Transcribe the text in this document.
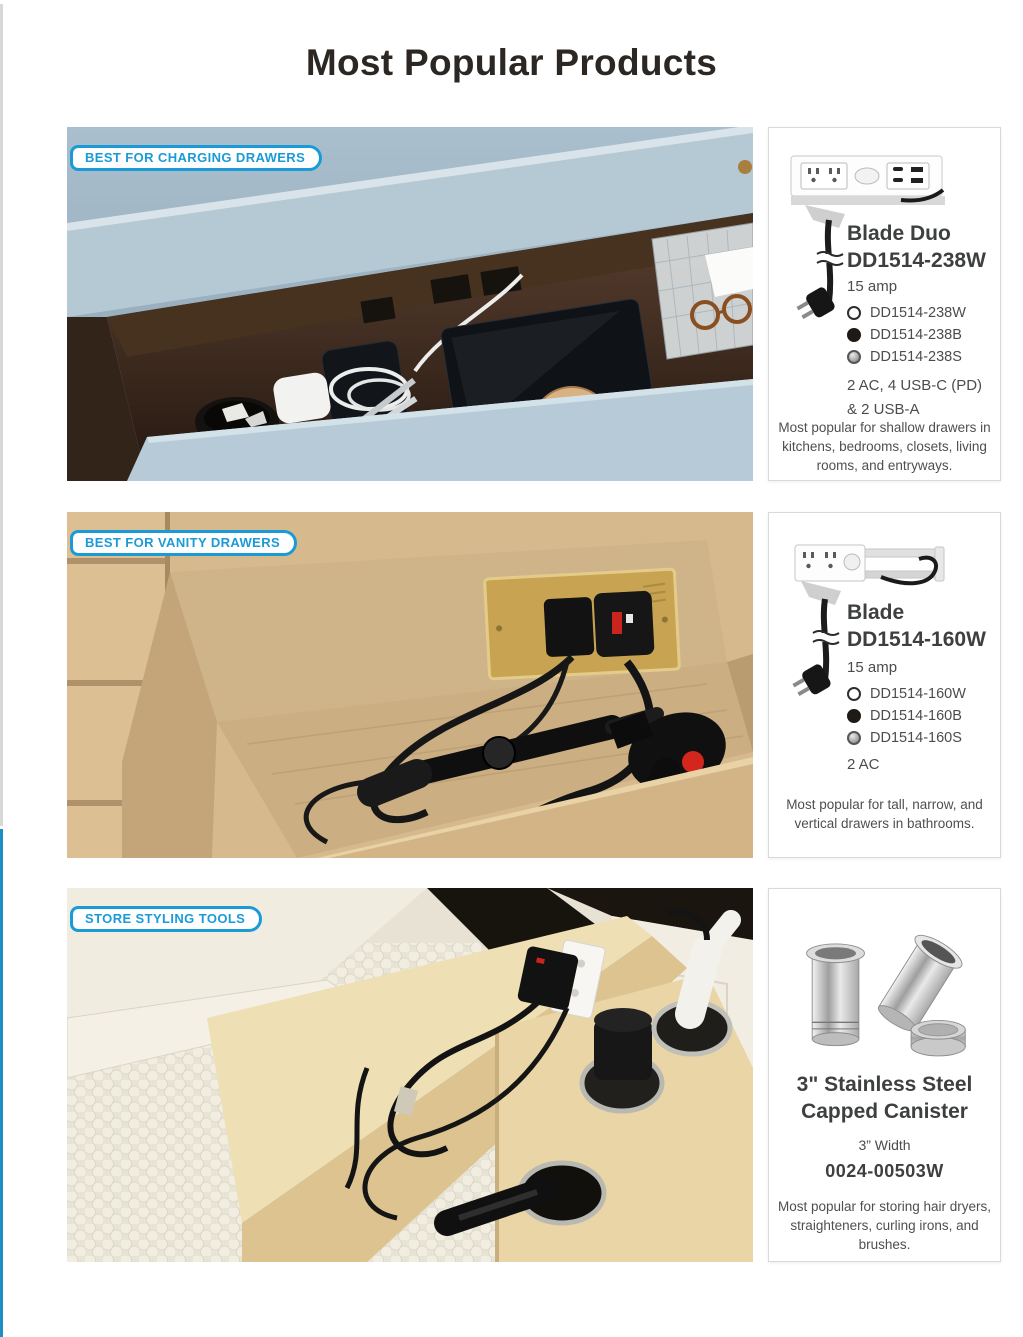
Most Popular Products
BEST FOR CHARGING DRAWERS
Blade Duo
DD1514-238W
15 amp
DD1514-238W
DD1514-238B
DD1514-238S
2 AC, 4 USB-C (PD)
& 2 USB-A
Most popular for shallow drawers in kitchens, bedrooms, closets, living rooms, and entryways.
BEST FOR VANITY DRAWERS
Blade
DD1514-160W
15 amp
DD1514-160W
DD1514-160B
DD1514-160S
2 AC
Most popular for tall, narrow, and vertical drawers in bathrooms.
STORE STYLING TOOLS
3" Stainless Steel
Capped Canister
3” Width
0024-00503W
Most popular for storing hair dryers, straighteners, curling irons, and brushes.
